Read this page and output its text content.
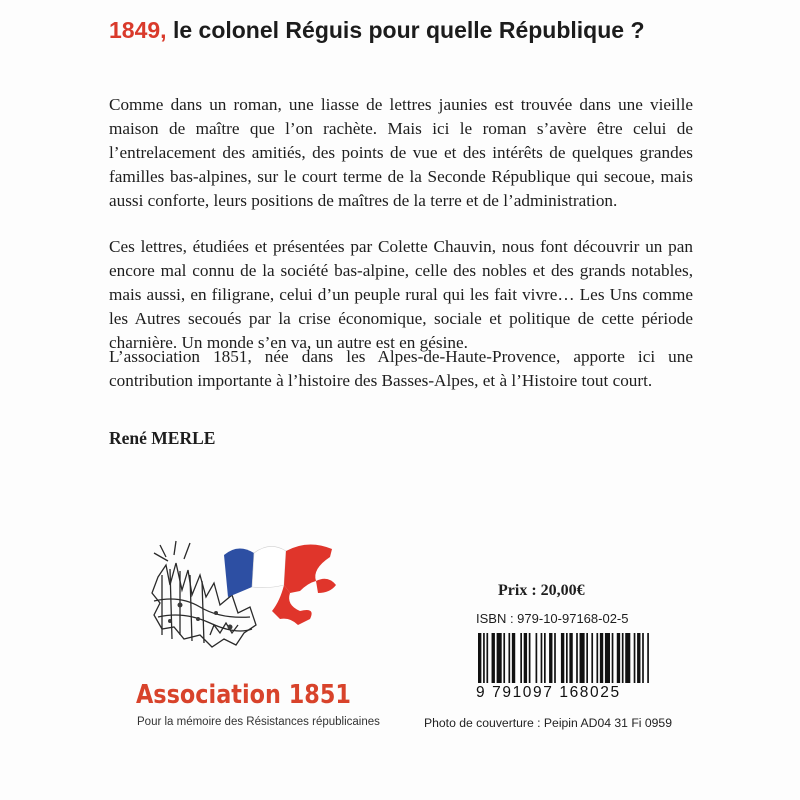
1849, le colonel Réguis pour quelle République ?
Comme dans un roman, une liasse de lettres jaunies est trouvée dans une vieille maison de maître que l’on rachète. Mais ici le roman s’avère être celui de l’entrelacement des amitiés, des points de vue et des intérêts de quelques grandes familles bas-alpines, sur le court terme de la Seconde République qui secoue, mais aussi conforte, leurs positions de maîtres de la terre et de l’administration.
Ces lettres, étudiées et présentées par Colette Chauvin, nous font découvrir un pan encore mal connu de la société bas-alpine, celle des nobles et des grands notables, mais aussi, en filigrane, celui d’un peuple rural qui les fait vivre… Les Uns comme les Autres secoués par la crise économique, sociale et politique de cette période charnière. Un monde s’en va, un autre est en gésine.
L’association 1851, née dans les Alpes-de-Haute-Provence, apporte ici une contribution importante à l’histoire des Basses-Alpes, et à l’Histoire tout court.
René MERLE
Association 1851
Pour la mémoire des Résistances républicaines
Prix : 20,00€
ISBN : 979-10-97168-02-5
9 791097 168025
Photo de couverture : Peipin AD04 31 Fi 0959
